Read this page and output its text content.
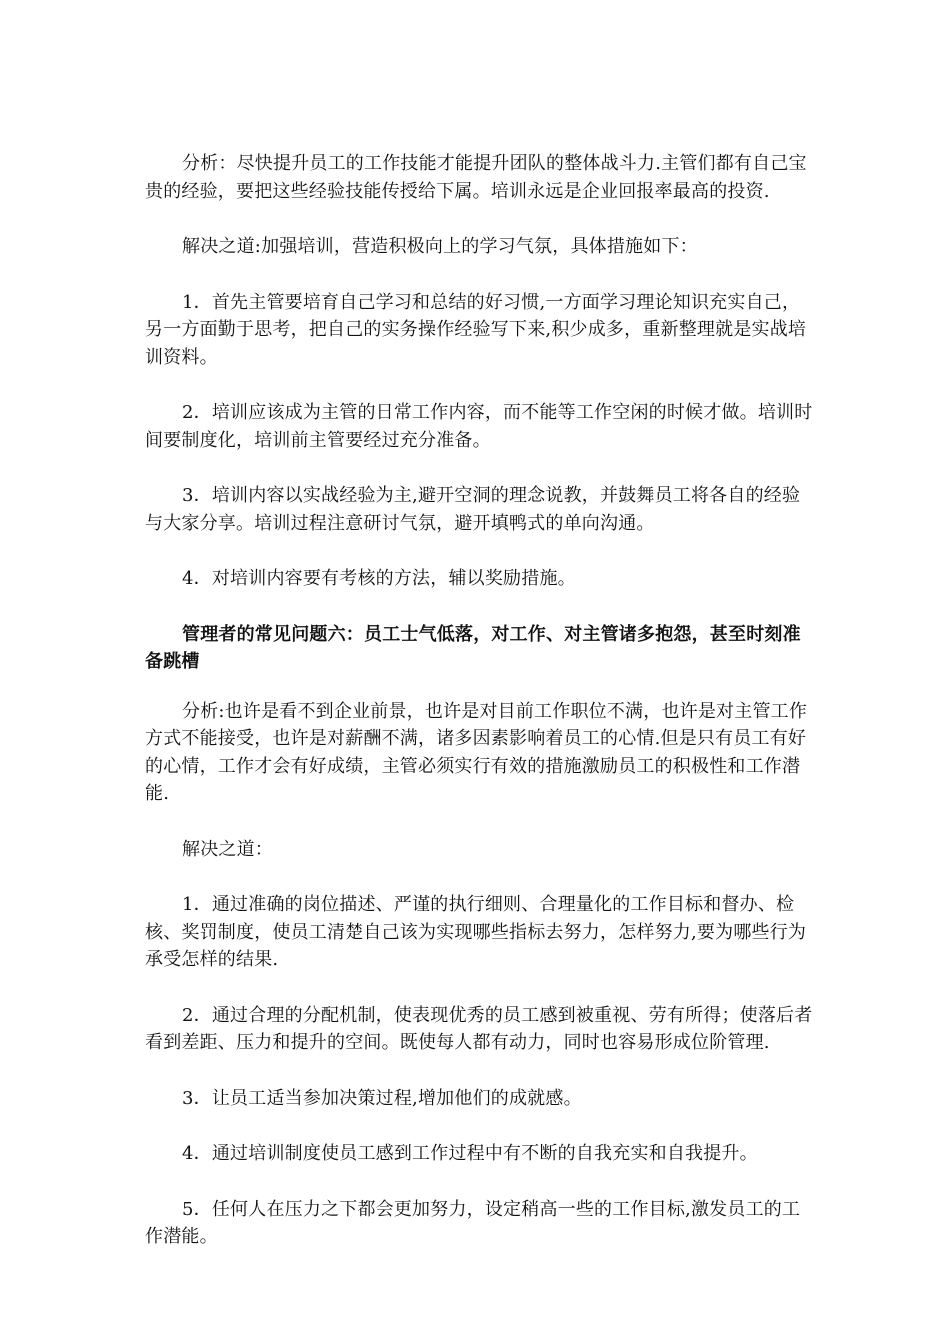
分析：尽快提升员工的工作技能才能提升团队的整体战斗力.主管们都有自己宝贵的经验，要把这些经验技能传授给下属。培训永远是企业回报率最高的投资.

解决之道:加强培训，营造积极向上的学习气氛，具体措施如下：

1．首先主管要培育自己学习和总结的好习惯,一方面学习理论知识充实自己，另一方面勤于思考，把自己的实务操作经验写下来,积少成多，重新整理就是实战培训资料。

2．培训应该成为主管的日常工作内容，而不能等工作空闲的时候才做。培训时间要制度化，培训前主管要经过充分准备。

3．培训内容以实战经验为主,避开空洞的理念说教，并鼓舞员工将各自的经验与大家分享。培训过程注意研讨气氛，避开填鸭式的单向沟通。

4．对培训内容要有考核的方法，辅以奖励措施。

管理者的常见问题六：员工士气低落，对工作、对主管诸多抱怨，甚至时刻准备跳槽

分析:也许是看不到企业前景，也许是对目前工作职位不满，也许是对主管工作方式不能接受，也许是对薪酬不满，诸多因素影响着员工的心情.但是只有员工有好的心情，工作才会有好成绩，主管必须实行有效的措施激励员工的积极性和工作潜能.

解决之道：

1．通过准确的岗位描述、严谨的执行细则、合理量化的工作目标和督办、检核、奖罚制度，使员工清楚自己该为实现哪些指标去努力，怎样努力,要为哪些行为承受怎样的结果.

2．通过合理的分配机制，使表现优秀的员工感到被重视、劳有所得；使落后者看到差距、压力和提升的空间。既使每人都有动力，同时也容易形成位阶管理.

3．让员工适当参加决策过程,增加他们的成就感。

4．通过培训制度使员工感到工作过程中有不断的自我充实和自我提升。

5．任何人在压力之下都会更加努力，设定稍高一些的工作目标,激发员工的工作潜能。
